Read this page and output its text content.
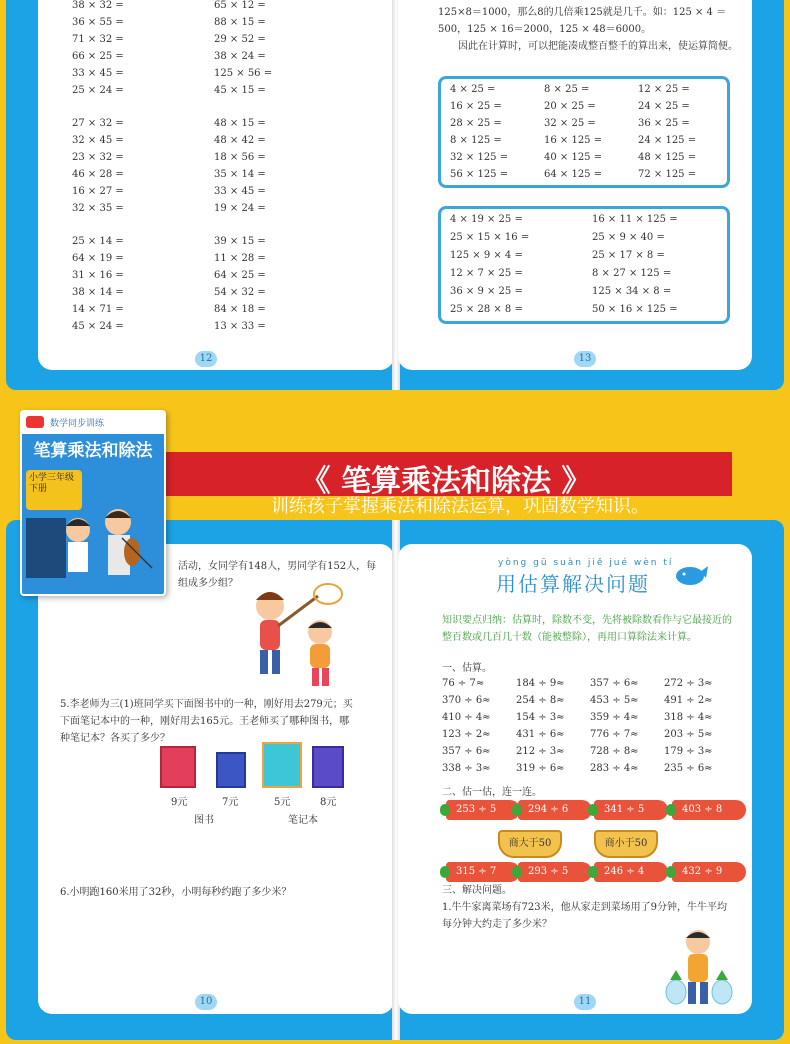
38 × 32 =	65 × 12 =
36 × 55 =	88 × 15 =
71 × 32 =	29 × 52 =
66 × 25 =	38 × 24 =
33 × 45 =	125 × 56 =
25 × 24 =	45 × 15 =
27 × 32 =	48 × 15 =
32 × 45 =	48 × 42 =
23 × 32 =	18 × 56 =
46 × 28 =	35 × 14 =
16 × 27 =	33 × 45 =
32 × 35 =	19 × 24 =
25 × 14 =	39 × 15 =
64 × 19 =	11 × 28 =
31 × 16 =	64 × 25 =
38 × 14 =	54 × 32 =
14 × 71 =	84 × 18 =
45 × 24 =	13 × 33 =
12
125×8＝1000，那么8的几倍乘125就是几千。如：125 × 4 ＝
500，125 × 16＝2000，125 × 48＝6000。
因此在计算时，可以把能凑成整百整千的算出来，使运算简便。
4 × 25 =	8 × 25 =	12 × 25 =
16 × 25 =	20 × 25 =	24 × 25 =
28 × 25 =	32 × 25 =	36 × 25 =
8 × 125 =	16 × 125 =	24 × 125 =
32 × 125 =	40 × 125 =	48 × 125 =
56 × 125 =	64 × 125 =	72 × 125 =
4 × 19 × 25 =	16 × 11 × 125 =
25 × 15 × 16 =	25 × 9 × 40 =
125 × 9 × 4 =	25 × 17 × 8 =
12 × 7 × 25 =	8 × 27 × 125 =
36 × 9 × 25 =	125 × 34 × 8 =
25 × 28 × 8 =	50 × 16 × 125 =
13
《 笔算乘法和除法 》
活动，女同学有148人，男同学有152人，每
组成多少组？
5.李老师为三(1)班同学买下面图书中的一种，刚好用去279元；买
下面笔记本中的一种，刚好用去165元。王老师买了哪种图书，哪
种笔记本？各买了多少？
9元	7元	5元	8元
图书	笔记本
6.小明跑160米用了32秒，小明每秒约跑了多少米？
10
yòng gū suàn jiě jué wèn tí
用估算解决问题
知识要点归纳：估算时，除数不变，先将被除数看作与它最接近的
整百数或几百几十数（能被整除），再用口算除法来计算。
一、估算。
76 ÷ 7≈	184 ÷ 9≈	357 ÷ 6≈	272 ÷ 3≈
370 ÷ 6≈	254 ÷ 8≈	453 ÷ 5≈	491 ÷ 2≈
410 ÷ 4≈	154 ÷ 3≈	359 ÷ 4≈	318 ÷ 4≈
123 ÷ 2≈	431 ÷ 6≈	776 ÷ 7≈	203 ÷ 5≈
357 ÷ 6≈	212 ÷ 3≈	728 ÷ 8≈	179 ÷ 3≈
338 ÷ 3≈	319 ÷ 6≈	283 ÷ 4≈	235 ÷ 6≈
二、估一估，连一连。
253 ÷ 5	294 ÷ 6	341 ÷ 5	403 ÷ 8
商大于50	商小于50
315 ÷ 7	293 ÷ 5	246 ÷ 4	432 ÷ 9
三、解决问题。
1.牛牛家离菜场有723米，他从家走到菜场用了9分钟，牛牛平均
每分钟大约走了多少米？
11
训练孩子掌握乘法和除法运算，巩固数学知识。
数学同步训练
笔算乘法和除法
小学三年级下册
